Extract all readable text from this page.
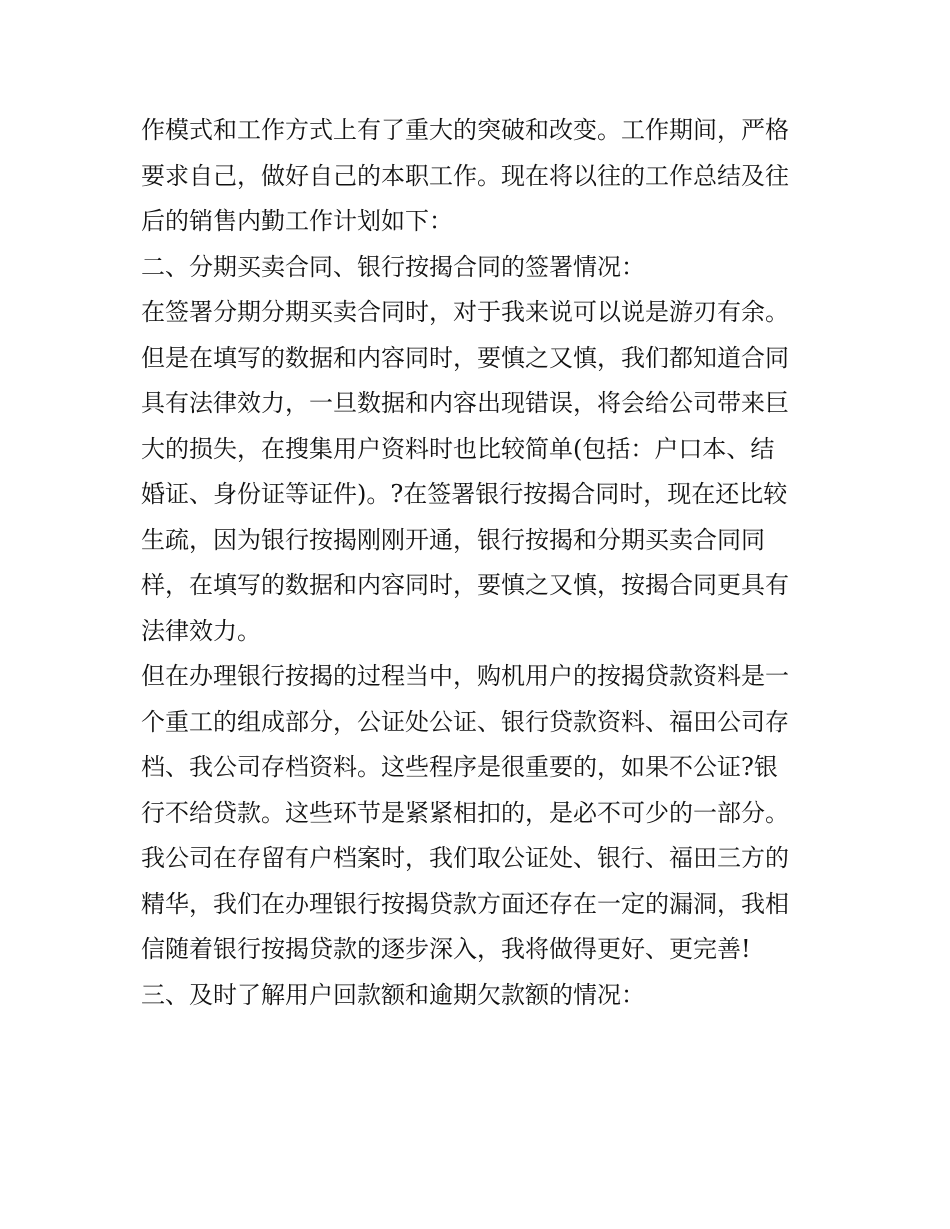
作模式和工作方式上有了重大的突破和改变。工作期间，严格
要求自己，做好自己的本职工作。现在将以往的工作总结及往
后的销售内勤工作计划如下：
二、分期买卖合同、银行按揭合同的签署情况：
在签署分期分期买卖合同时，对于我来说可以说是游刃有余。
但是在填写的数据和内容同时，要慎之又慎，我们都知道合同
具有法律效力，一旦数据和内容出现错误，将会给公司带来巨
大的损失，在搜集用户资料时也比较简单(包括：户口本、结
婚证、身份证等证件)。?在签署银行按揭合同时，现在还比较
生疏，因为银行按揭刚刚开通，银行按揭和分期买卖合同同
样，在填写的数据和内容同时，要慎之又慎，按揭合同更具有
法律效力。
但在办理银行按揭的过程当中，购机用户的按揭贷款资料是一
个重工的组成部分，公证处公证、银行贷款资料、福田公司存
档、我公司存档资料。这些程序是很重要的，如果不公证?银
行不给贷款。这些环节是紧紧相扣的，是必不可少的一部分。
我公司在存留有户档案时，我们取公证处、银行、福田三方的
精华，我们在办理银行按揭贷款方面还存在一定的漏洞，我相
信随着银行按揭贷款的逐步深入，我将做得更好、更完善!
三、及时了解用户回款额和逾期欠款额的情况：
